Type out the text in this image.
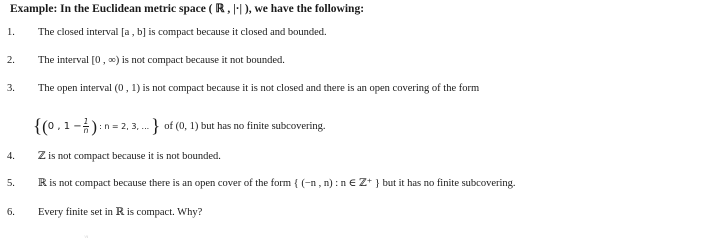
Example: In the Euclidean metric space ( ℝ , |·| ), we have the following:
1. The closed interval [a , b] is compact because it closed and bounded.
2. The interval [0 , ∞) is not compact because it not bounded.
3. The open interval (0 , 1) is not compact because it is not closed and there is an open covering of the form
{ ( 0 , $1 - \frac{1}{n}$ ) : n = 2, 3, ... } of (0, 1) but has no finite subcovering.
4. ℤ is not compact because it is not bounded.
5. ℝ is not compact because there is an open cover of the form { (−n , n) : n ∈ ℤ⁺ } but it has no finite subcovering.
6. Every finite set in ℝ is compact. Why?
۱۷
